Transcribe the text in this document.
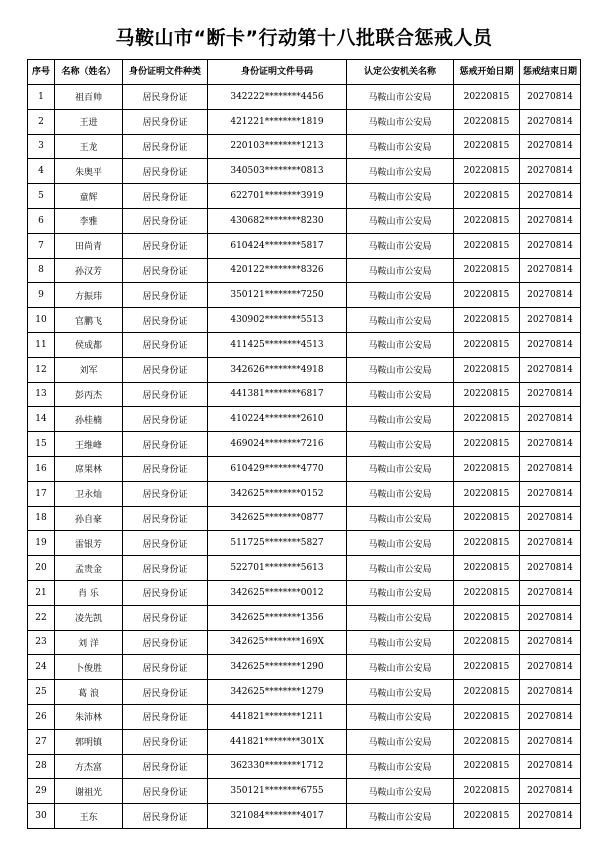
马鞍山市“断卡”行动第十八批联合惩戒人员
序号	名称（姓名）	身份证明文件种类	身份证明文件号码	认定公安机关名称	惩戒开始日期	惩戒结束日期
1	祖百帅	居民身份证	342222********4456	马鞍山市公安局	20220815	20270814
2	王进	居民身份证	421221********1819	马鞍山市公安局	20220815	20270814
3	王龙	居民身份证	220103********1213	马鞍山市公安局	20220815	20270814
4	朱奥平	居民身份证	340503********0813	马鞍山市公安局	20220815	20270814
5	童辉	居民身份证	622701********3919	马鞍山市公安局	20220815	20270814
6	李雅	居民身份证	430682********8230	马鞍山市公安局	20220815	20270814
7	田尚青	居民身份证	610424********5817	马鞍山市公安局	20220815	20270814
8	孙汉芳	居民身份证	420122********8326	马鞍山市公安局	20220815	20270814
9	方振玮	居民身份证	350121********7250	马鞍山市公安局	20220815	20270814
10	官鹏飞	居民身份证	430902********5513	马鞍山市公安局	20220815	20270814
11	侯成都	居民身份证	411425********4513	马鞍山市公安局	20220815	20270814
12	刘军	居民身份证	342626********4918	马鞍山市公安局	20220815	20270814
13	彭丙杰	居民身份证	441381********6817	马鞍山市公安局	20220815	20270814
14	孙桂楠	居民身份证	410224********2610	马鞍山市公安局	20220815	20270814
15	王维峰	居民身份证	469024********7216	马鞍山市公安局	20220815	20270814
16	席果林	居民身份证	610429********4770	马鞍山市公安局	20220815	20270814
17	卫永灿	居民身份证	342625********0152	马鞍山市公安局	20220815	20270814
18	孙自豪	居民身份证	342625********0877	马鞍山市公安局	20220815	20270814
19	雷银芳	居民身份证	511725********5827	马鞍山市公安局	20220815	20270814
20	孟贵金	居民身份证	522701********5613	马鞍山市公安局	20220815	20270814
21	肖 乐	居民身份证	342625********0012	马鞍山市公安局	20220815	20270814
22	凌先凯	居民身份证	342625********1356	马鞍山市公安局	20220815	20270814
23	刘 洋	居民身份证	342625********169X	马鞍山市公安局	20220815	20270814
24	卜俊胜	居民身份证	342625********1290	马鞍山市公安局	20220815	20270814
25	葛 浪	居民身份证	342625********1279	马鞍山市公安局	20220815	20270814
26	朱沛林	居民身份证	441821********1211	马鞍山市公安局	20220815	20270814
27	郭明镇	居民身份证	441821********301X	马鞍山市公安局	20220815	20270814
28	方杰富	居民身份证	362330********1712	马鞍山市公安局	20220815	20270814
29	谢祖光	居民身份证	350121********6755	马鞍山市公安局	20220815	20270814
30	王东	居民身份证	321084********4017	马鞍山市公安局	20220815	20270814
